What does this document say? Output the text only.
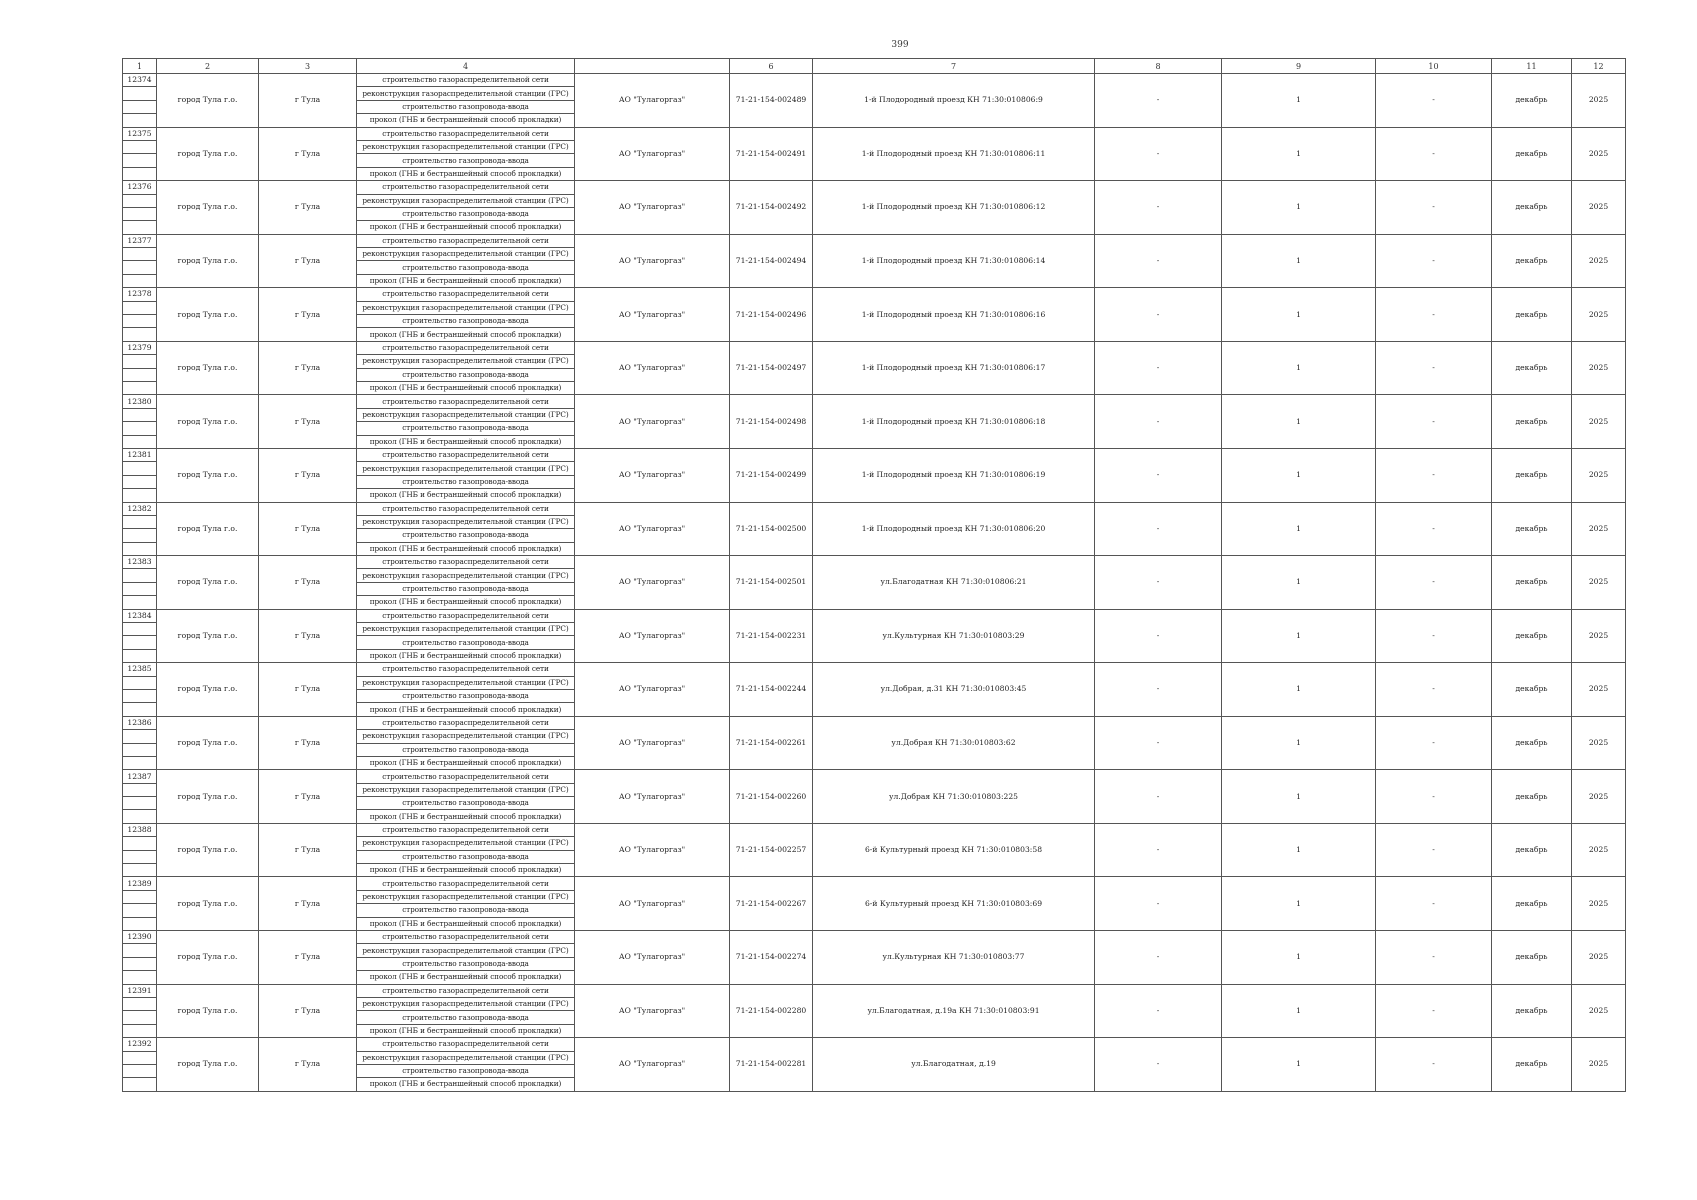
399
1	2	3	4		6	7	8	9	10	11	12
12374	город Тула г.о.	г Тула	строительство газораспределительной сети	АО "Тулагоргаз"	71-21-154-002489	1-й Плодородный проезд КН 71:30:010806:9	-	1	-	декабрь	2025
			реконструкция газораспределительной станции (ГРС)								
			строительство газопровода-ввода								
			прокол (ГНБ и бестраншейный способ прокладки)								
12375	город Тула г.о.	г Тула	строительство газораспределительной сети	АО "Тулагоргаз"	71-21-154-002491	1-й Плодородный проезд КН 71:30:010806:11	-	1	-	декабрь	2025
			реконструкция газораспределительной станции (ГРС)								
			строительство газопровода-ввода								
			прокол (ГНБ и бестраншейный способ прокладки)								
12376	город Тула г.о.	г Тула	строительство газораспределительной сети	АО "Тулагоргаз"	71-21-154-002492	1-й Плодородный проезд КН 71:30:010806:12	-	1	-	декабрь	2025
			реконструкция газораспределительной станции (ГРС)								
			строительство газопровода-ввода								
			прокол (ГНБ и бестраншейный способ прокладки)								
12377	город Тула г.о.	г Тула	строительство газораспределительной сети	АО "Тулагоргаз"	71-21-154-002494	1-й Плодородный проезд КН 71:30:010806:14	-	1	-	декабрь	2025
			реконструкция газораспределительной станции (ГРС)								
			строительство газопровода-ввода								
			прокол (ГНБ и бестраншейный способ прокладки)								
12378	город Тула г.о.	г Тула	строительство газораспределительной сети	АО "Тулагоргаз"	71-21-154-002496	1-й Плодородный проезд КН 71:30:010806:16	-	1	-	декабрь	2025
			реконструкция газораспределительной станции (ГРС)								
			строительство газопровода-ввода								
			прокол (ГНБ и бестраншейный способ прокладки)								
12379	город Тула г.о.	г Тула	строительство газораспределительной сети	АО "Тулагоргаз"	71-21-154-002497	1-й Плодородный проезд КН 71:30:010806:17	-	1	-	декабрь	2025
			реконструкция газораспределительной станции (ГРС)								
			строительство газопровода-ввода								
			прокол (ГНБ и бестраншейный способ прокладки)								
12380	город Тула г.о.	г Тула	строительство газораспределительной сети	АО "Тулагоргаз"	71-21-154-002498	1-й Плодородный проезд КН 71:30:010806:18	-	1	-	декабрь	2025
			реконструкция газораспределительной станции (ГРС)								
			строительство газопровода-ввода								
			прокол (ГНБ и бестраншейный способ прокладки)								
12381	город Тула г.о.	г Тула	строительство газораспределительной сети	АО "Тулагоргаз"	71-21-154-002499	1-й Плодородный проезд КН 71:30:010806:19	-	1	-	декабрь	2025
			реконструкция газораспределительной станции (ГРС)								
			строительство газопровода-ввода								
			прокол (ГНБ и бестраншейный способ прокладки)								
12382	город Тула г.о.	г Тула	строительство газораспределительной сети	АО "Тулагоргаз"	71-21-154-002500	1-й Плодородный проезд КН 71:30:010806:20	-	1	-	декабрь	2025
			реконструкция газораспределительной станции (ГРС)								
			строительство газопровода-ввода								
			прокол (ГНБ и бестраншейный способ прокладки)								
12383	город Тула г.о.	г Тула	строительство газораспределительной сети	АО "Тулагоргаз"	71-21-154-002501	ул.Благодатная КН 71:30:010806:21	-	1	-	декабрь	2025
			реконструкция газораспределительной станции (ГРС)								
			строительство газопровода-ввода								
			прокол (ГНБ и бестраншейный способ прокладки)								
12384	город Тула г.о.	г Тула	строительство газораспределительной сети	АО "Тулагоргаз"	71-21-154-002231	ул.Культурная КН 71:30:010803:29	-	1	-	декабрь	2025
			реконструкция газораспределительной станции (ГРС)								
			строительство газопровода-ввода								
			прокол (ГНБ и бестраншейный способ прокладки)								
12385	город Тула г.о.	г Тула	строительство газораспределительной сети	АО "Тулагоргаз"	71-21-154-002244	ул.Добрая, д.31 КН 71:30:010803:45	-	1	-	декабрь	2025
			реконструкция газораспределительной станции (ГРС)								
			строительство газопровода-ввода								
			прокол (ГНБ и бестраншейный способ прокладки)								
12386	город Тула г.о.	г Тула	строительство газораспределительной сети	АО "Тулагоргаз"	71-21-154-002261	ул.Добрая КН 71:30:010803:62	-	1	-	декабрь	2025
			реконструкция газораспределительной станции (ГРС)								
			строительство газопровода-ввода								
			прокол (ГНБ и бестраншейный способ прокладки)								
12387	город Тула г.о.	г Тула	строительство газораспределительной сети	АО "Тулагоргаз"	71-21-154-002260	ул.Добрая КН 71:30:010803:225	-	1	-	декабрь	2025
			реконструкция газораспределительной станции (ГРС)								
			строительство газопровода-ввода								
			прокол (ГНБ и бестраншейный способ прокладки)								
12388	город Тула г.о.	г Тула	строительство газораспределительной сети	АО "Тулагоргаз"	71-21-154-002257	6-й Культурный проезд КН 71:30:010803:58	-	1	-	декабрь	2025
			реконструкция газораспределительной станции (ГРС)								
			строительство газопровода-ввода								
			прокол (ГНБ и бестраншейный способ прокладки)								
12389	город Тула г.о.	г Тула	строительство газораспределительной сети	АО "Тулагоргаз"	71-21-154-002267	6-й Культурный проезд КН 71:30:010803:69	-	1	-	декабрь	2025
			реконструкция газораспределительной станции (ГРС)								
			строительство газопровода-ввода								
			прокол (ГНБ и бестраншейный способ прокладки)								
12390	город Тула г.о.	г Тула	строительство газораспределительной сети	АО "Тулагоргаз"	71-21-154-002274	ул.Культурная КН 71:30:010803:77	-	1	-	декабрь	2025
			реконструкция газораспределительной станции (ГРС)								
			строительство газопровода-ввода								
			прокол (ГНБ и бестраншейный способ прокладки)								
12391	город Тула г.о.	г Тула	строительство газораспределительной сети	АО "Тулагоргаз"	71-21-154-002280	ул.Благодатная, д.19а КН 71:30:010803:91	-	1	-	декабрь	2025
			реконструкция газораспределительной станции (ГРС)								
			строительство газопровода-ввода								
			прокол (ГНБ и бестраншейный способ прокладки)								
12392	город Тула г.о.	г Тула	строительство газораспределительной сети	АО "Тулагоргаз"	71-21-154-002281	ул.Благодатная, д.19	-	1	-	декабрь	2025
			реконструкция газораспределительной станции (ГРС)								
			строительство газопровода-ввода								
			прокол (ГНБ и бестраншейный способ прокладки)								
